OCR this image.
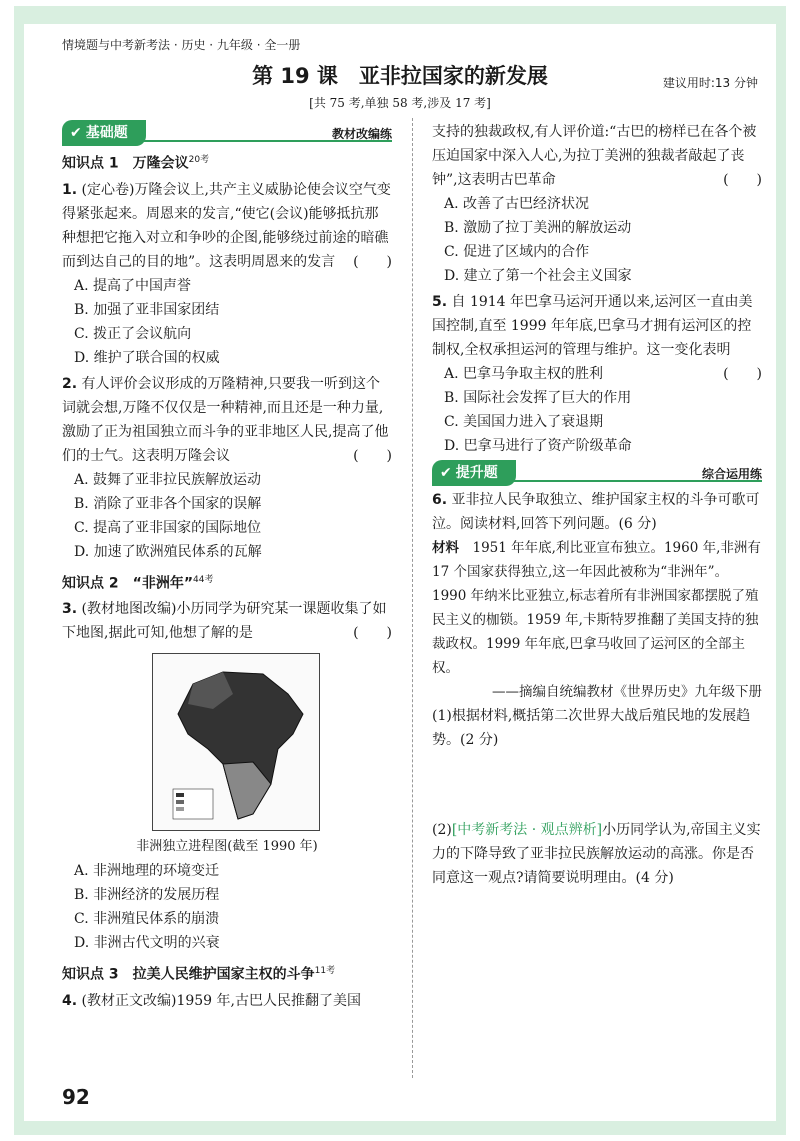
情境题与中考新考法 · 历史 · 九年级 · 全一册
第 19 课　亚非拉国家的新发展	建议用时:13 分钟
[共 75 考,单独 58 考,涉及 17 考]
✔ 基础题	教材改编练
知识点 1　万隆会议$^{20考}$
1. (定心卷)万隆会议上,共产主义威胁论使会议空气变得紧张起来。周恩来的发言,“使它(会议)能够抵抗那种想把它拖入对立和争吵的企图,能够绕过前途的暗礁而到达自己的目的地”。这表明周恩来的发言 (　　)
A. 提高了中国声誉
B. 加强了亚非国家团结
C. 拨正了会议航向
D. 维护了联合国的权威
2. 有人评价会议形成的万隆精神,只要我一听到这个词就会想,万隆不仅仅是一种精神,而且还是一种力量,激励了正为祖国独立而斗争的亚非地区人民,提高了他们的士气。这表明万隆会议	(　　)
A. 鼓舞了亚非拉民族解放运动
B. 消除了亚非各个国家的误解
C. 提高了亚非国家的国际地位
D. 加速了欧洲殖民体系的瓦解
知识点 2　“非洲年”$^{44考}$
3. (教材地图改编)小历同学为研究某一课题收集了如下地图,据此可知,他想了解的是	(　　)
非洲独立进程图(截至 1990 年)
A. 非洲地理的环境变迁
B. 非洲经济的发展历程
C. 非洲殖民体系的崩溃
D. 非洲古代文明的兴衰
知识点 3　拉美人民维护国家主权的斗争$^{11考}$
4. (教材正文改编)1959 年,古巴人民推翻了美国
支持的独裁政权,有人评价道:“古巴的榜样已在各个被压迫国家中深入人心,为拉丁美洲的独裁者敲起了丧钟”,这表明古巴革命	(　　)
A. 改善了古巴经济状况
B. 激励了拉丁美洲的解放运动
C. 促进了区域内的合作
D. 建立了第一个社会主义国家
5. 自 1914 年巴拿马运河开通以来,运河区一直由美国控制,直至 1999 年年底,巴拿马才拥有运河区的控制权,全权承担运河的管理与维护。这一变化表明
(　　)
A. 巴拿马争取主权的胜利
B. 国际社会发挥了巨大的作用
C. 美国国力进入了衰退期
D. 巴拿马进行了资产阶级革命
✔ 提升题	综合运用练
6. 亚非拉人民争取独立、维护国家主权的斗争可歌可泣。阅读材料,回答下列问题。(6 分)
材料　 1951 年年底,利比亚宣布独立。1960 年,非洲有 17 个国家获得独立,这一年因此被称为“非洲年”。1990 年纳米比亚独立,标志着所有非洲国家都摆脱了殖民主义的枷锁。1959 年,卡斯特罗推翻了美国支持的独裁政权。1999 年年底,巴拿马收回了运河区的全部主权。
——摘编自统编教材《世界历史》九年级下册
(1)根据材料,概括第二次世界大战后殖民地的发展趋势。(2 分)
(2)[中考新考法 · 观点辨析]小历同学认为,帝国主义实力的下降导致了亚非拉民族解放运动的高涨。你是否同意这一观点?请简要说明理由。(4 分)
92
